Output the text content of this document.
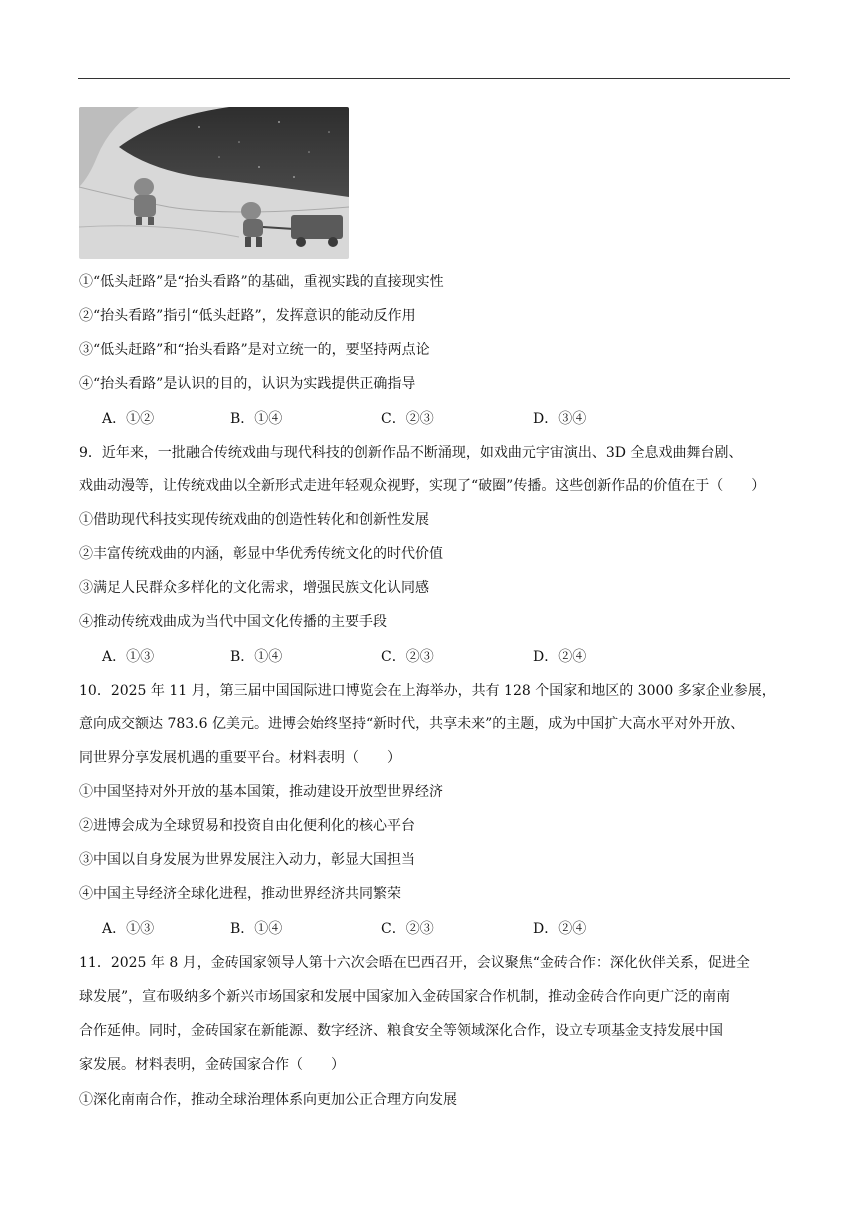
①“低头赶路”是“抬头看路”的基础，重视实践的直接现实性
②“抬头看路”指引“低头赶路”，发挥意识的能动反作用
③“低头赶路”和“抬头看路”是对立统一的，要坚持两点论
④“抬头看路”是认识的目的，认识为实践提供正确指导
A．①②	B．①④	C．②③	D．③④
9．近年来，一批融合传统戏曲与现代科技的创新作品不断涌现，如戏曲元宇宙演出、3D 全息戏曲舞台剧、
戏曲动漫等，让传统戏曲以全新形式走进年轻观众视野，实现了“破圈”传播。这些创新作品的价值在于（　　）
①借助现代科技实现传统戏曲的创造性转化和创新性发展
②丰富传统戏曲的内涵，彰显中华优秀传统文化的时代价值
③满足人民群众多样化的文化需求，增强民族文化认同感
④推动传统戏曲成为当代中国文化传播的主要手段
A．①③	B．①④	C．②③	D．②④
10．2025 年 11 月，第三届中国国际进口博览会在上海举办，共有 128 个国家和地区的 3000 多家企业参展，
意向成交额达 783.6 亿美元。进博会始终坚持“新时代，共享未来”的主题，成为中国扩大高水平对外开放、
同世界分享发展机遇的重要平台。材料表明（　　）
①中国坚持对外开放的基本国策，推动建设开放型世界经济
②进博会成为全球贸易和投资自由化便利化的核心平台
③中国以自身发展为世界发展注入动力，彰显大国担当
④中国主导经济全球化进程，推动世界经济共同繁荣
A．①③	B．①④	C．②③	D．②④
11．2025 年 8 月，金砖国家领导人第十六次会晤在巴西召开，会议聚焦“金砖合作：深化伙伴关系，促进全
球发展”，宣布吸纳多个新兴市场国家和发展中国家加入金砖国家合作机制，推动金砖合作向更广泛的南南
合作延伸。同时，金砖国家在新能源、数字经济、粮食安全等领域深化合作，设立专项基金支持发展中国
家发展。材料表明，金砖国家合作（　　）
①深化南南合作，推动全球治理体系向更加公正合理方向发展
